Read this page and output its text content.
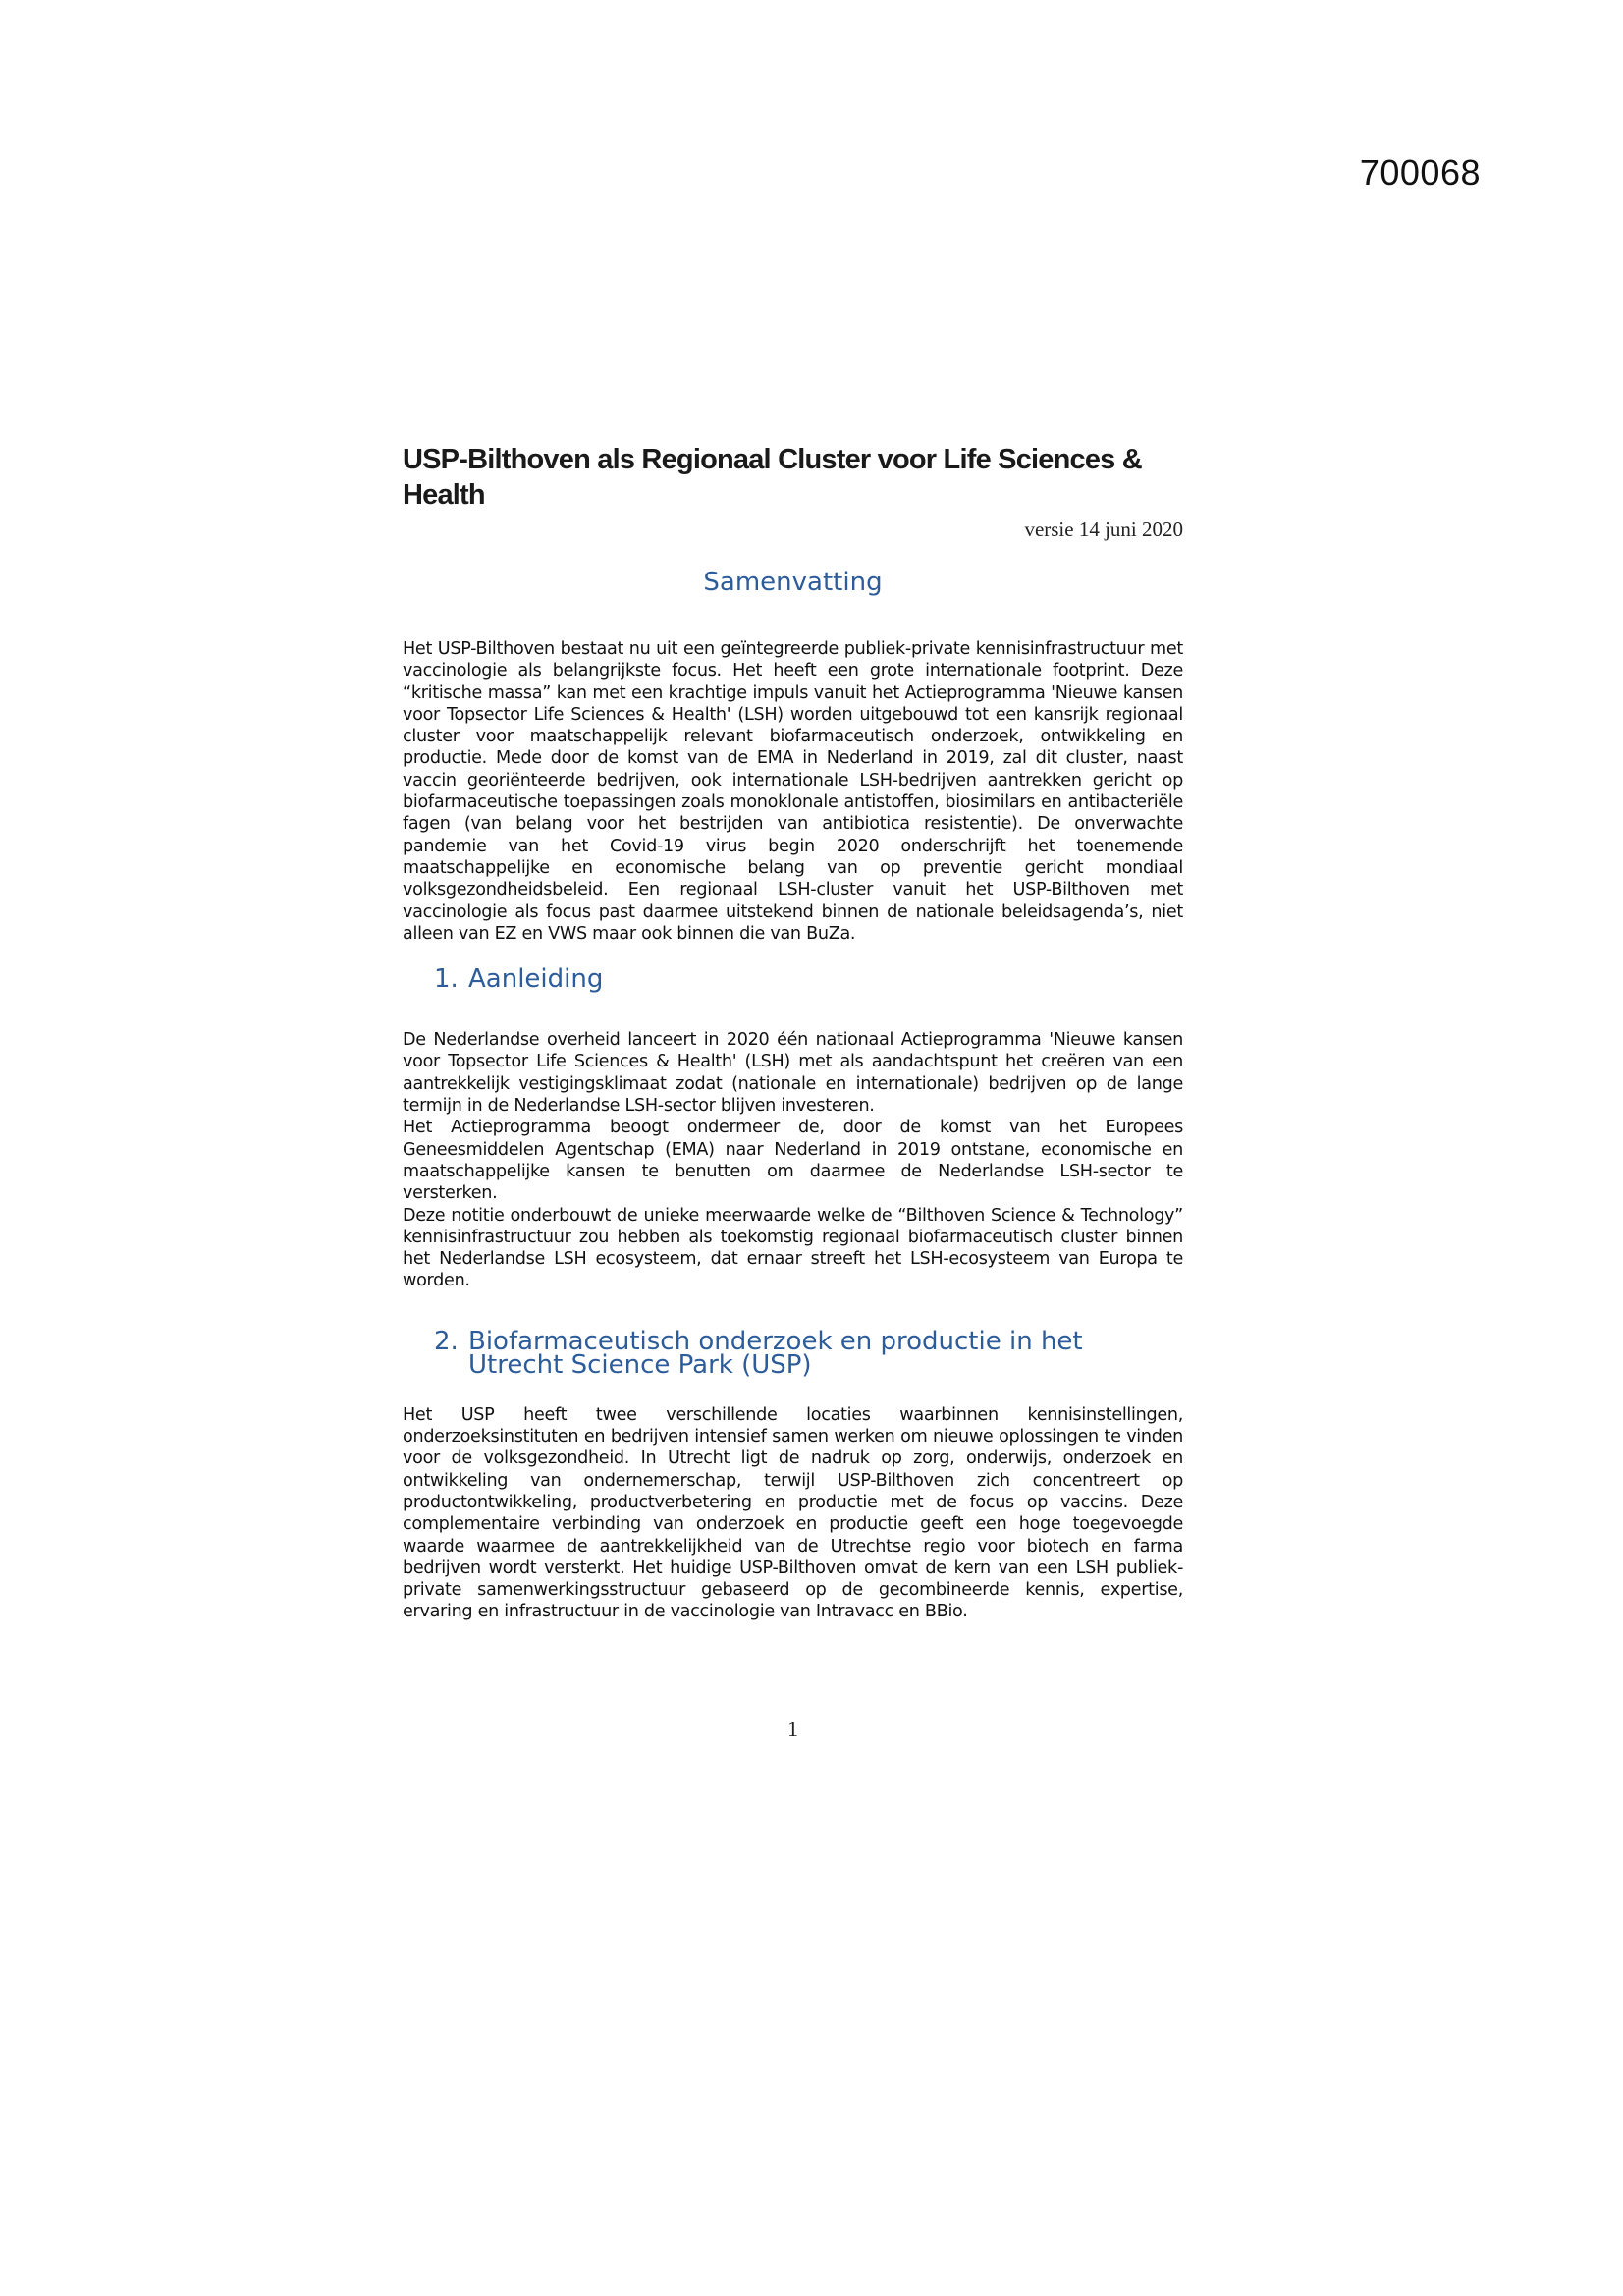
700068
USP-Bilthoven als Regionaal Cluster voor Life Sciences & Health
versie 14 juni 2020
Samenvatting

Het USP-Bilthoven bestaat nu uit een geïntegreerde publiek-private kennisinfrastructuur met vaccinologie als belangrijkste focus. Het heeft een grote internationale footprint. Deze “kritische massa” kan met een krachtige impuls vanuit het Actieprogramma 'Nieuwe kansen voor Topsector Life Sciences & Health' (LSH) worden uitgebouwd tot een kansrijk regionaal cluster voor maatschappelijk relevant biofarmaceutisch onderzoek, ontwikkeling en productie. Mede door de komst van de EMA in Nederland in 2019, zal dit cluster, naast vaccin georiënteerde bedrijven, ook internationale LSH-bedrijven aantrekken gericht op biofarmaceutische toepassingen zoals monoklonale antistoffen, biosimilars en antibacteriële fagen (van belang voor het bestrijden van antibiotica resistentie). De onverwachte pandemie van het Covid-19 virus begin 2020 onderschrijft het toenemende maatschappelijke en economische belang van op preventie gericht mondiaal volksgezondheidsbeleid. Een regionaal LSH-cluster vanuit het USP-Bilthoven met vaccinologie als focus past daarmee uitstekend binnen de nationale beleidsagenda’s, niet alleen van EZ en VWS maar ook binnen die van BuZa.

1. Aanleiding

De Nederlandse overheid lanceert in 2020 één nationaal Actieprogramma 'Nieuwe kansen voor Topsector Life Sciences & Health' (LSH) met als aandachtspunt het creëren van een aantrekkelijk vestigingsklimaat zodat (nationale en internationale) bedrijven op de lange termijn in de Nederlandse LSH-sector blijven investeren.

Het Actieprogramma beoogt ondermeer de, door de komst van het Europees Geneesmiddelen Agentschap (EMA) naar Nederland in 2019 ontstane, economische en maatschappelijke kansen te benutten om daarmee de Nederlandse LSH-sector te versterken.

Deze notitie onderbouwt de unieke meerwaarde welke de “Bilthoven Science & Technology” kennisinfrastructuur zou hebben als toekomstig regionaal biofarmaceutisch cluster binnen het Nederlandse LSH ecosysteem, dat ernaar streeft het LSH-ecosysteem van Europa te worden.

2. Biofarmaceutisch onderzoek en productie in het Utrecht Science Park (USP)

Het USP heeft twee verschillende locaties waarbinnen kennisinstellingen, onderzoeksinstituten en bedrijven intensief samen werken om nieuwe oplossingen te vinden voor de volksgezondheid. In Utrecht ligt de nadruk op zorg, onderwijs, onderzoek en ontwikkeling van ondernemerschap, terwijl USP-Bilthoven zich concentreert op productontwikkeling, productverbetering en productie met de focus op vaccins. Deze complementaire verbinding van onderzoek en productie geeft een hoge toegevoegde waarde waarmee de aantrekkelijkheid van de Utrechtse regio voor biotech en farma bedrijven wordt versterkt. Het huidige USP-Bilthoven omvat de kern van een LSH publiek-private samenwerkingsstructuur gebaseerd op de gecombineerde kennis, expertise, ervaring en infrastructuur in de vaccinologie van Intravacc en BBio.

1
